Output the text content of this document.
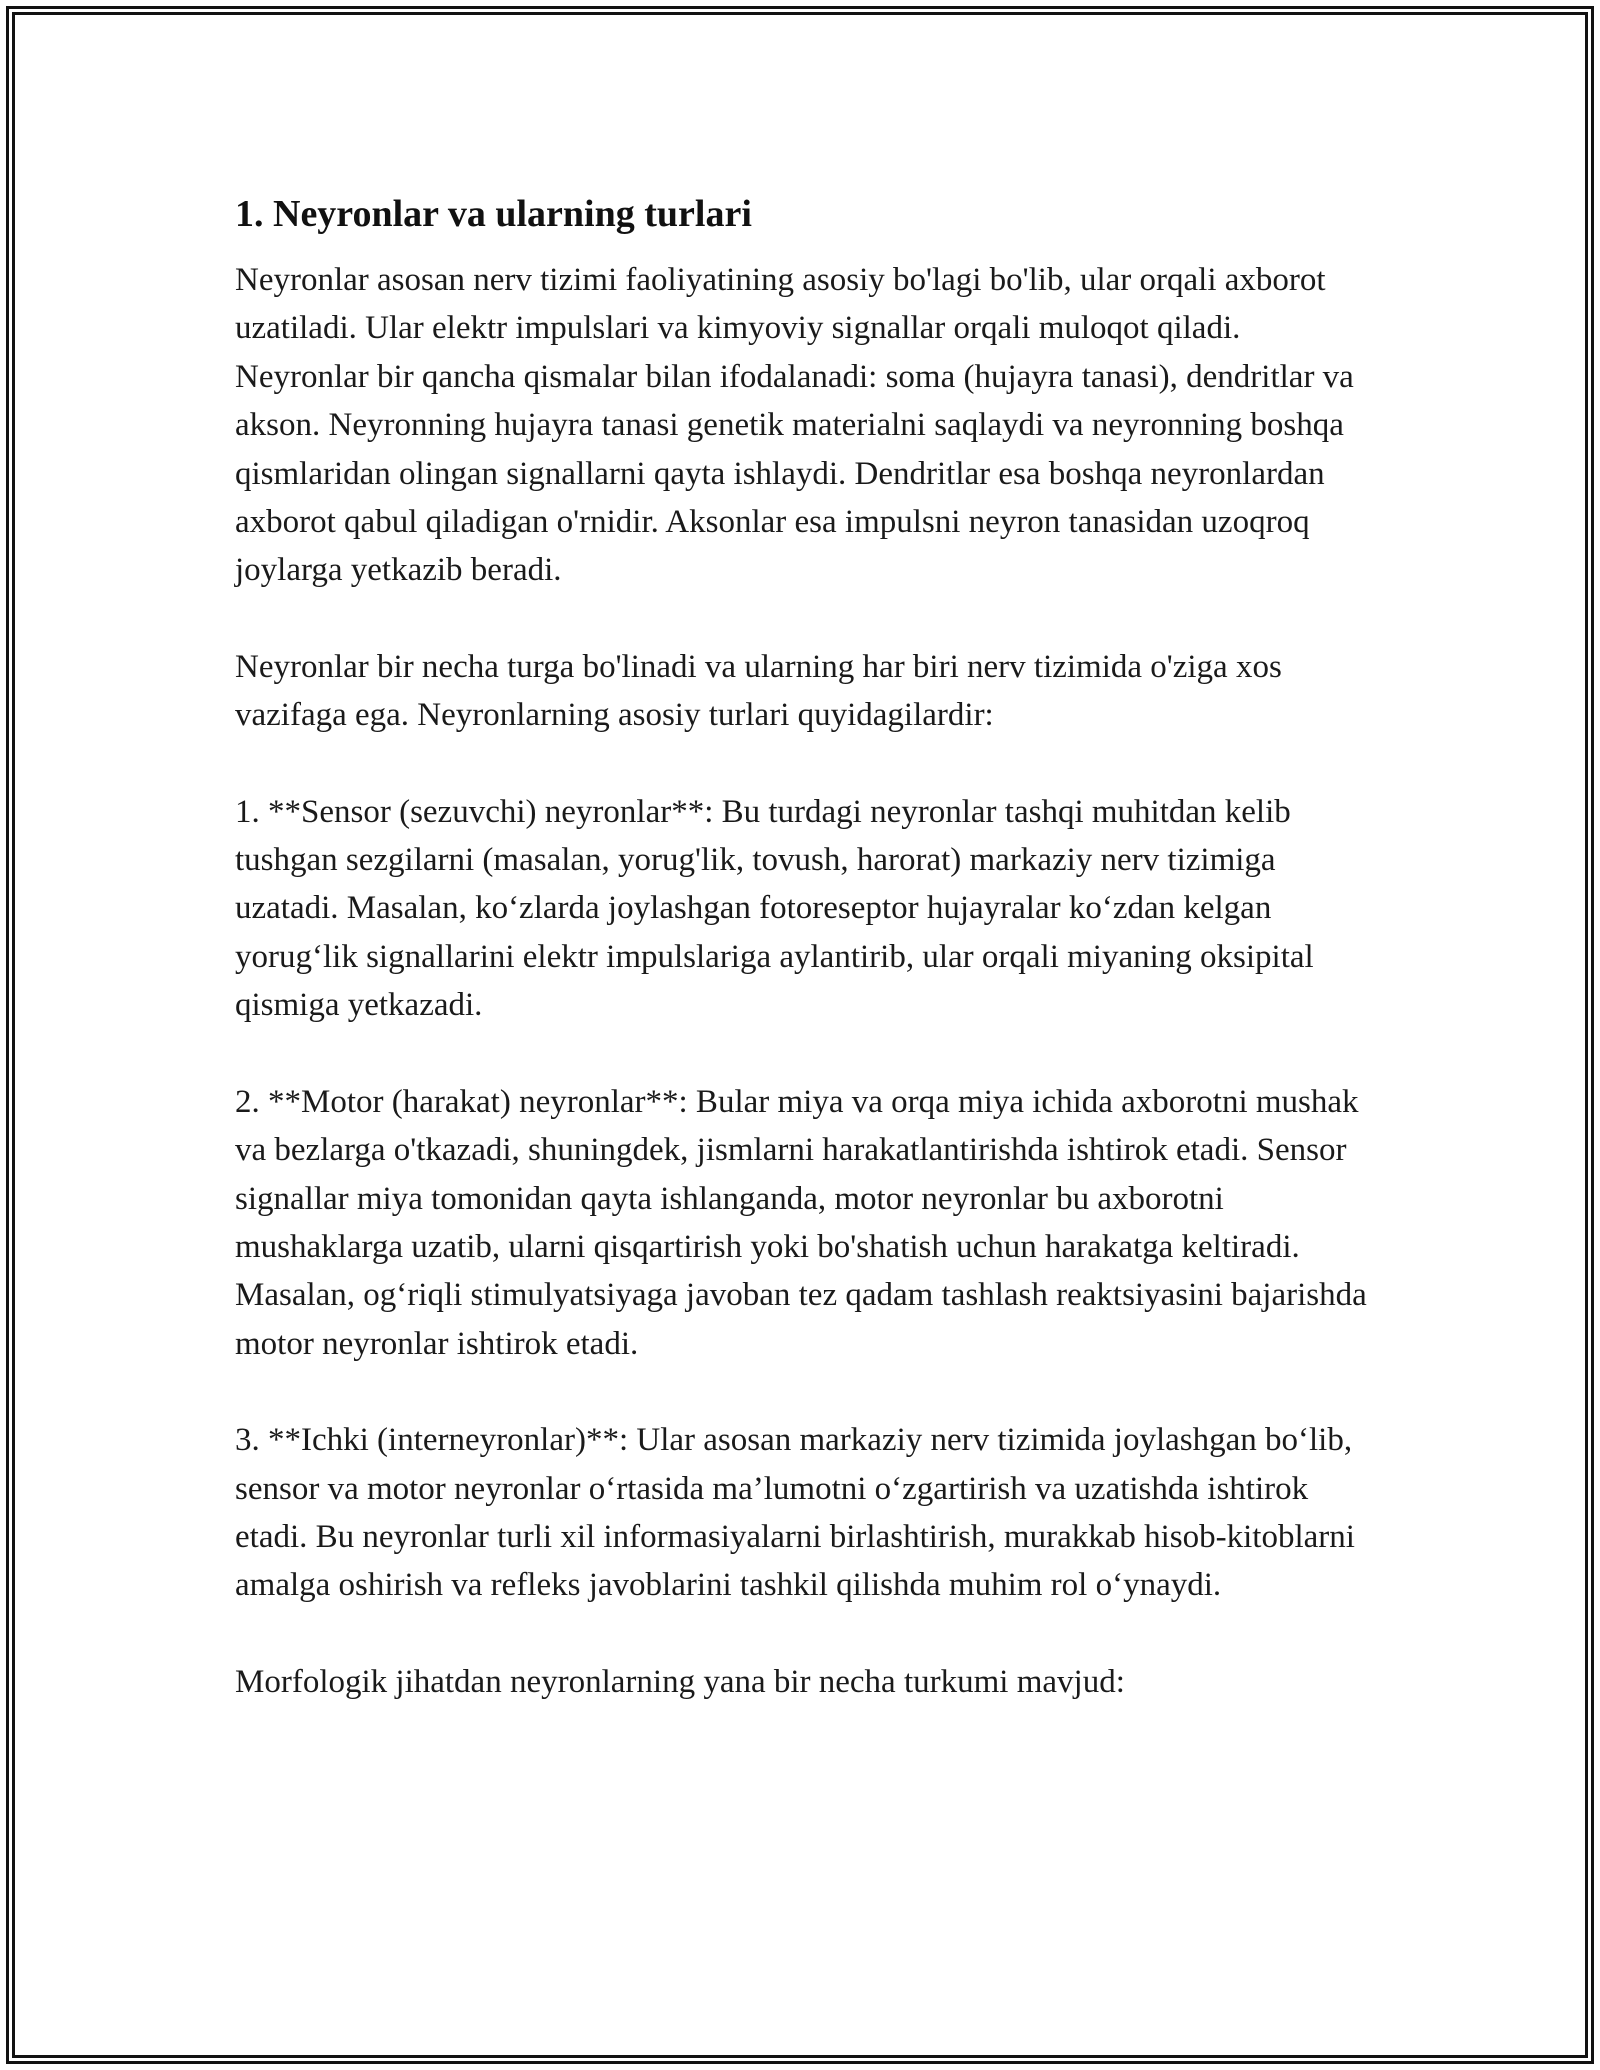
1. Neyronlar va ularning turlari

Neyronlar asosan nerv tizimi faoliyatining asosiy bo'lagi bo'lib, ular orqali axborot uzatiladi. Ular elektr impulslari va kimyoviy signallar orqali muloqot qiladi. Neyronlar bir qancha qismalar bilan ifodalanadi: soma (hujayra tanasi), dendritlar va akson. Neyronning hujayra tanasi genetik materialni saqlaydi va neyronning boshqa qismlaridan olingan signallarni qayta ishlaydi. Dendritlar esa boshqa neyronlardan axborot qabul qiladigan o'rnidir. Aksonlar esa impulsni neyron tanasidan uzoqroq joylarga yetkazib beradi.

Neyronlar bir necha turga bo'linadi va ularning har biri nerv tizimida o'ziga xos vazifaga ega. Neyronlarning asosiy turlari quyidagilardir:

1. **Sensor (sezuvchi) neyronlar**: Bu turdagi neyronlar tashqi muhitdan kelib tushgan sezgilarni (masalan, yorug'lik, tovush, harorat) markaziy nerv tizimiga uzatadi. Masalan, ko‘zlarda joylashgan fotoreseptor hujayralar ko‘zdan kelgan yorug‘lik signallarini elektr impulslariga aylantirib, ular orqali miyaning oksipital qismiga yetkazadi.

2. **Motor (harakat) neyronlar**: Bular miya va orqa miya ichida axborotni mushak va bezlarga o'tkazadi, shuningdek, jismlarni harakatlantirishda ishtirok etadi. Sensor signallar miya tomonidan qayta ishlanganda, motor neyronlar bu axborotni mushaklarga uzatib, ularni qisqartirish yoki bo'shatish uchun harakatga keltiradi. Masalan, og‘riqli stimulyatsiyaga javoban tez qadam tashlash reaktsiyasini bajarishda motor neyronlar ishtirok etadi.

3. **Ichki (interneyronlar)**: Ular asosan markaziy nerv tizimida joylashgan bo‘lib, sensor va motor neyronlar o‘rtasida ma’lumotni o‘zgartirish va uzatishda ishtirok etadi. Bu neyronlar turli xil informasiyalarni birlashtirish, murakkab hisob-kitoblarni amalga oshirish va refleks javoblarini tashkil qilishda muhim rol o‘ynaydi.

Morfologik jihatdan neyronlarning yana bir necha turkumi mavjud:
